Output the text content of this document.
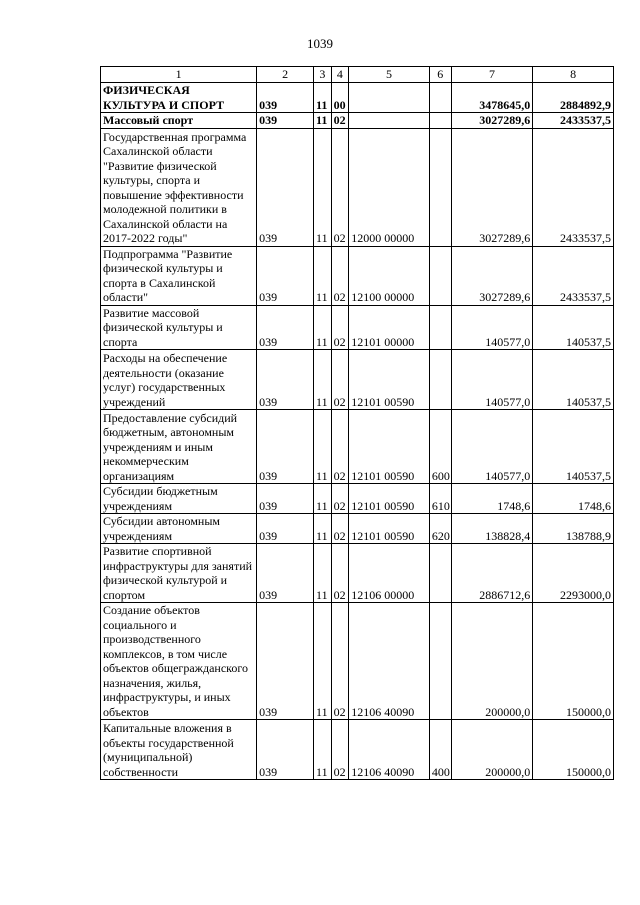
1039
1	2	3	4	5	6	7	8
ФИЗИЧЕСКАЯ КУЛЬТУРА И СПОРТ	039	11	00			3478645,0	2884892,9
Массовый спорт	039	11	02			3027289,6	2433537,5
Государственная программа Сахалинской области "Развитие физической культуры, спорта и повышение эффективности молодежной политики в Сахалинской области на 2017-2022 годы"	039	11	02	12000 00000		3027289,6	2433537,5
Подпрограмма "Развитие физической культуры и спорта в Сахалинской области"	039	11	02	12100 00000		3027289,6	2433537,5
Развитие массовой физической культуры и спорта	039	11	02	12101 00000		140577,0	140537,5
Расходы на обеспечение деятельности (оказание услуг) государственных учреждений	039	11	02	12101 00590		140577,0	140537,5
Предоставление субсидий бюджетным, автономным учреждениям и иным некоммерческим организациям	039	11	02	12101 00590	600	140577,0	140537,5
Субсидии бюджетным учреждениям	039	11	02	12101 00590	610	1748,6	1748,6
Субсидии автономным учреждениям	039	11	02	12101 00590	620	138828,4	138788,9
Развитие спортивной инфраструктуры для занятий физической культурой и спортом	039	11	02	12106 00000		2886712,6	2293000,0
Создание объектов социального и производственного комплексов, в том числе объектов общегражданского назначения, жилья, инфраструктуры, и иных объектов	039	11	02	12106 40090		200000,0	150000,0
Капитальные вложения в объекты государственной (муниципальной) собственности	039	11	02	12106 40090	400	200000,0	150000,0
